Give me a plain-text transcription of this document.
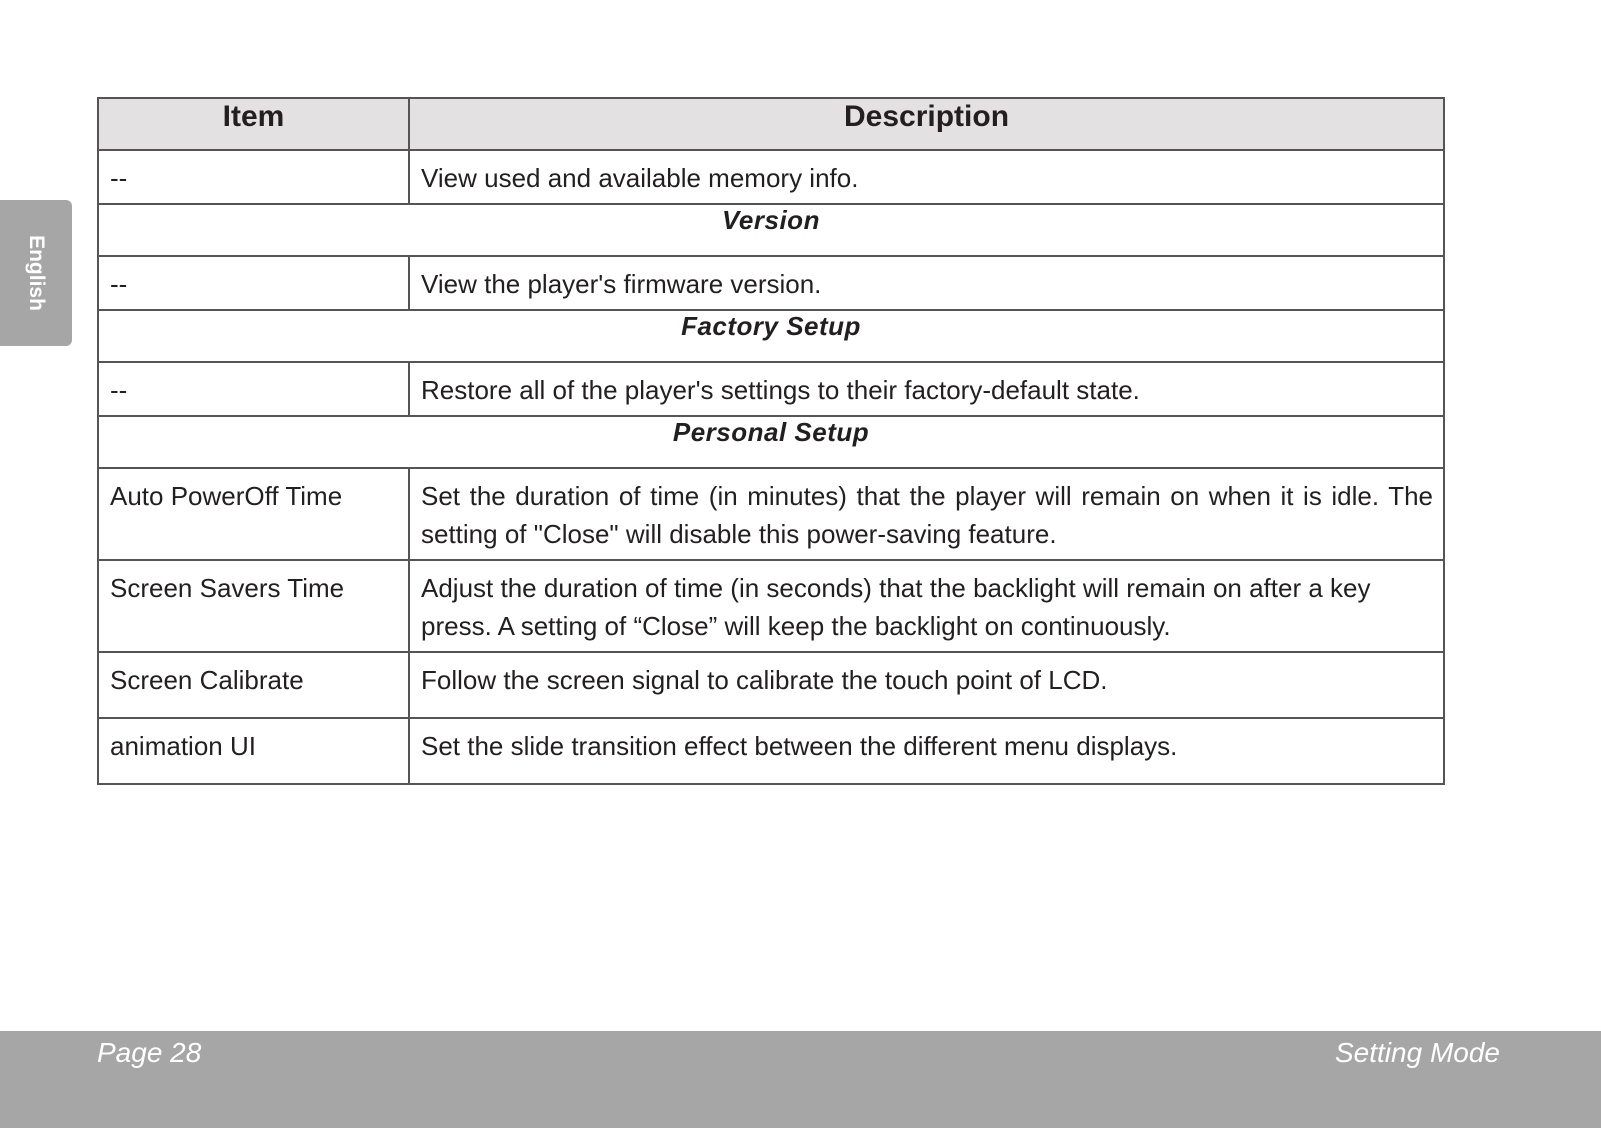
English
Item	Description
--	View used and available memory info.
Version	
--	View the player's firmware version.
Factory Setup	
--	Restore all of the player's settings to their factory-default state.
Personal Setup	
Auto PowerOff Time	Set the duration of time (in minutes) that the player will remain on when it is idle. The setting of "Close" will disable this power-saving feature.
Screen Savers Time	Adjust the duration of time (in seconds) that the backlight will remain on after a key press. A setting of “Close” will keep the backlight on continuously.
Screen Calibrate	Follow the screen signal to calibrate the touch point of LCD.
animation UI	Set the slide transition effect between the different menu displays.
Page 28	Setting Mode
